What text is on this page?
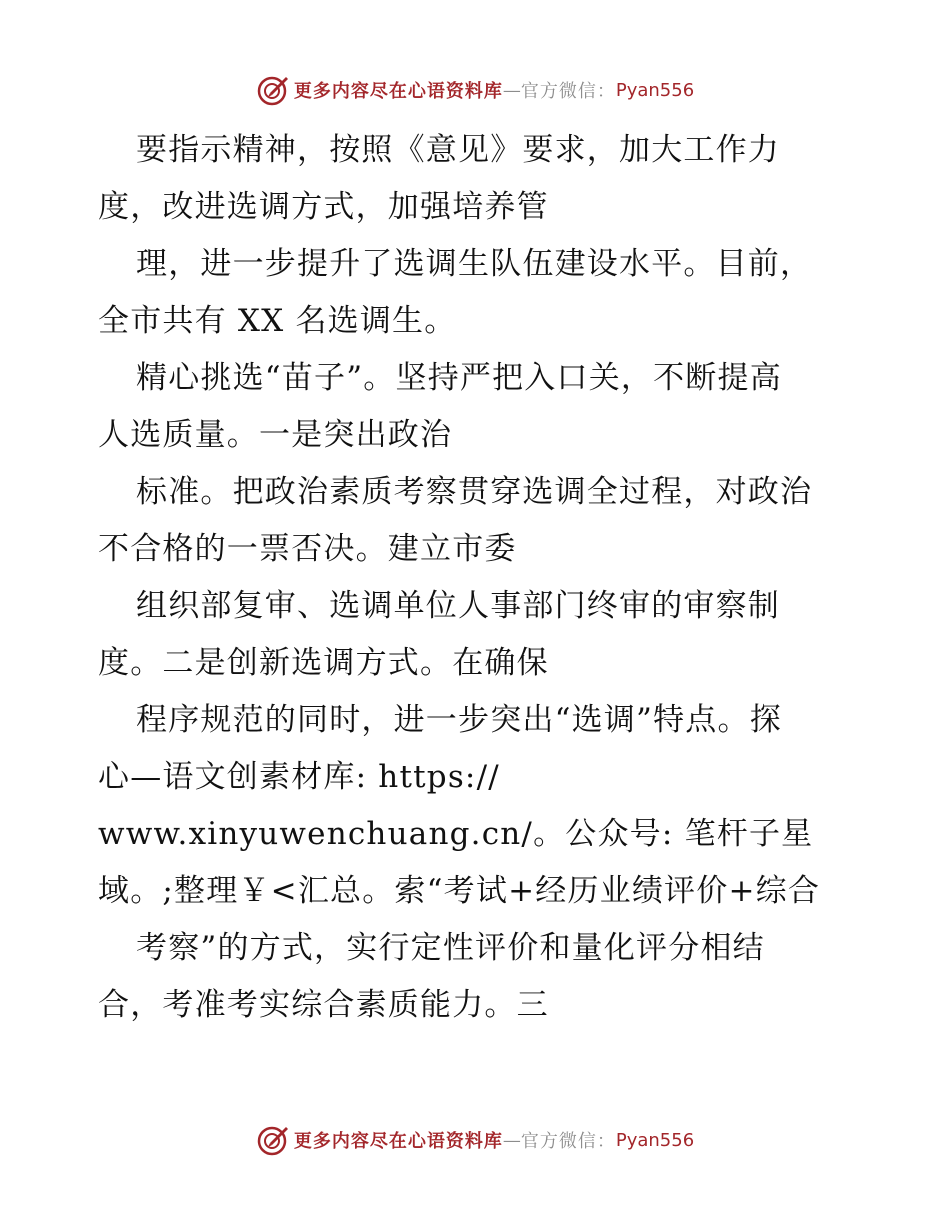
更多内容尽在心语资料库 — 官方微信： Pyan556
要指示精神，按照《意见》要求，加大工作力
度，改进选调方式，加强培养管
理，进一步提升了选调生队伍建设水平。目前，
全市共有 XX 名选调生。
精心挑选“苗子”。坚持严把入口关，不断提高
人选质量。一是突出政治
标准。把政治素质考察贯穿选调全过程，对政治
不合格的一票否决。建立市委
组织部复审、选调单位人事部门终审的审察制
度。二是创新选调方式。在确保
程序规范的同时，进一步突出“选调”特点。探
心—语文创素材库: https://
www.xinyuwenchuang.cn/。公众号: 笔杆子星
域。;整理￥<汇总。索“考试+经历业绩评价+综合
考察”的方式，实行定性评价和量化评分相结
合，考准考实综合素质能力。三
更多内容尽在心语资料库 — 官方微信： Pyan556
